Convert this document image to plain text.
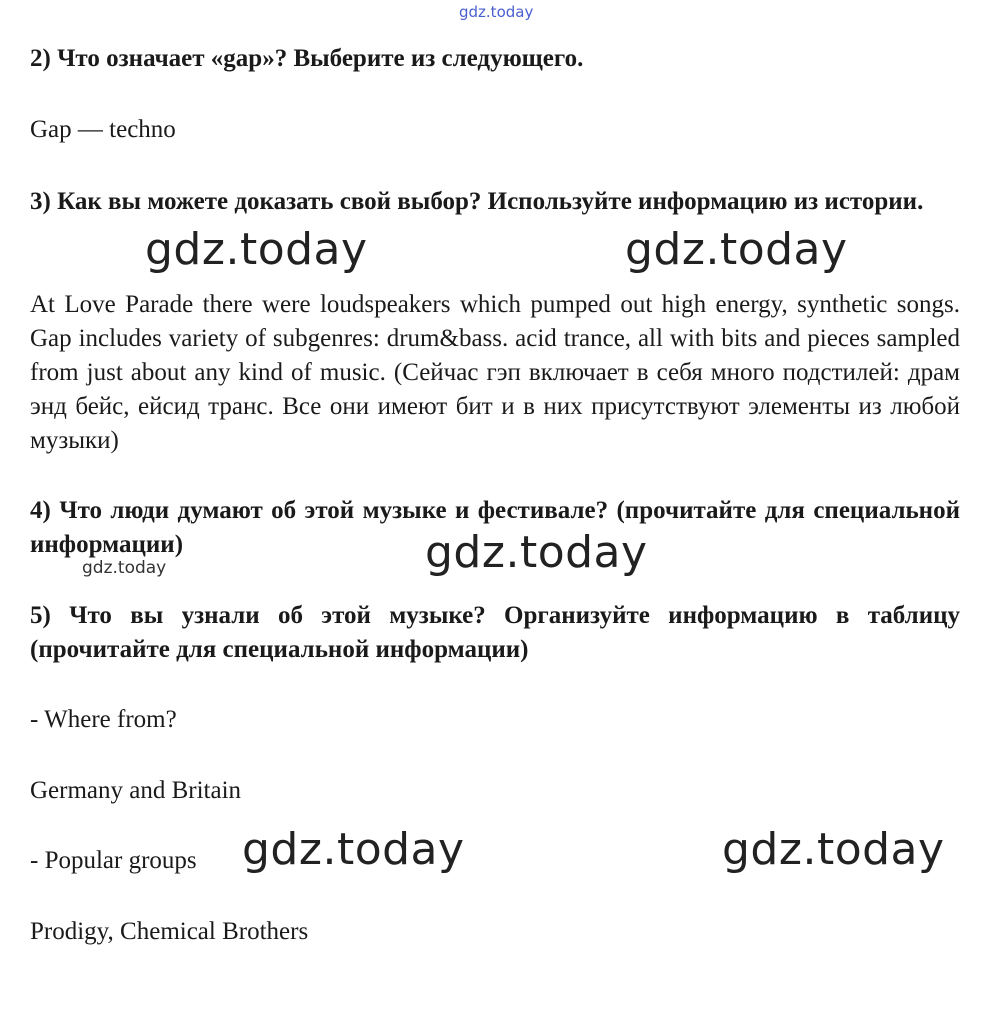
gdz.today

2) Что означает «gap»? Выберите из следующего.

Gap — techno

3) Как вы можете доказать свой выбор? Используйте информацию из истории.

gdz.today	gdz.today

At Love Parade there were loudspeakers which pumped out high energy, synthetic songs. Gap includes variety of subgenres: drum&bass. acid trance, all with bits and pieces sampled from just about any kind of music. (Сейчас гэп включает в себя много подстилей: драм энд бейс, ейсид транс. Все они имеют бит и в них присутствуют элементы из любой музыки)

4) Что люди думают об этой музыке и фестивале? (прочитайте для специальной информации)	gdz.today
gdz.today

5) Что вы узнали об этой музыке? Организуйте информацию в таблицу (прочитайте для специальной информации)

- Where from?

Germany and Britain

- Popular groups	gdz.today	gdz.today

Prodigy, Chemical Brothers
